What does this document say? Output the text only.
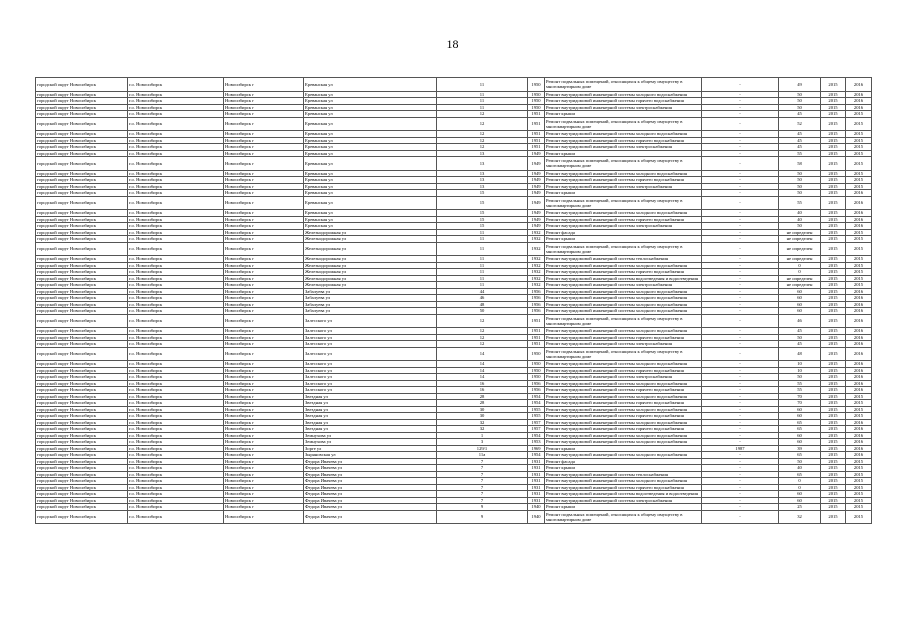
18
городской округ Новосибирск	г.о. Новосибирск	Новосибирск г	Ереванская ул	11	1950	Ремонт подвальных помещений, относящихся к общему имуществу в многоквартирном доме	-	49	2015	2016
городской округ Новосибирск	г.о. Новосибирск	Новосибирск г	Ереванская ул	11	1950	Ремонт внутридомовой инженерной системы холодного водоснабжения	-	50	2015	2016
городской округ Новосибирск	г.о. Новосибирск	Новосибирск г	Ереванская ул	11	1950	Ремонт внутридомовой инженерной системы горячего водоснабжения	-	50	2015	2016
городской округ Новосибирск	г.о. Новосибирск	Новосибирск г	Ереванская ул	11	1950	Ремонт внутридомовой инженерной системы электроснабжения	-	50	2015	2016
городской округ Новосибирск	г.о. Новосибирск	Новосибирск г	Ереванская ул	12	1951	Ремонт крыши	-	45	2015	2015
городской округ Новосибирск	г.о. Новосибирск	Новосибирск г	Ереванская ул	12	1951	Ремонт подвальных помещений, относящихся к общему имуществу в многоквартирном доме	-	52	2015	2015
городской округ Новосибирск	г.о. Новосибирск	Новосибирск г	Ереванская ул	12	1951	Ремонт внутридомовой инженерной системы холодного водоснабжения	-	45	2015	2015
городской округ Новосибирск	г.о. Новосибирск	Новосибирск г	Ереванская ул	12	1951	Ремонт внутридомовой инженерной системы горячего водоснабжения	-	45	2015	2015
городской округ Новосибирск	г.о. Новосибирск	Новосибирск г	Ереванская ул	12	1951	Ремонт внутридомовой инженерной системы электроснабжения	-	45	2015	2015
городской округ Новосибирск	г.о. Новосибирск	Новосибирск г	Ереванская ул	13	1949	Ремонт крыши	-	55	2015	2015
городской округ Новосибирск	г.о. Новосибирск	Новосибирск г	Ереванская ул	13	1949	Ремонт подвальных помещений, относящихся к общему имуществу в многоквартирном доме	-	58	2015	2015
городской округ Новосибирск	г.о. Новосибирск	Новосибирск г	Ереванская ул	13	1949	Ремонт внутридомовой инженерной системы холодного водоснабжения	-	50	2015	2015
городской округ Новосибирск	г.о. Новосибирск	Новосибирск г	Ереванская ул	13	1949	Ремонт внутридомовой инженерной системы горячего водоснабжения	-	50	2015	2015
городской округ Новосибирск	г.о. Новосибирск	Новосибирск г	Ереванская ул	13	1949	Ремонт внутридомовой инженерной системы электроснабжения	-	50	2015	2015
городской округ Новосибирск	г.о. Новосибирск	Новосибирск г	Ереванская ул	15	1949	Ремонт крыши	-	50	2015	2016
городской округ Новосибирск	г.о. Новосибирск	Новосибирск г	Ереванская ул	15	1949	Ремонт подвальных помещений, относящихся к общему имуществу в многоквартирном доме	-	55	2015	2016
городской округ Новосибирск	г.о. Новосибирск	Новосибирск г	Ереванская ул	15	1949	Ремонт внутридомовой инженерной системы холодного водоснабжения	-	40	2015	2016
городской округ Новосибирск	г.о. Новосибирск	Новосибирск г	Ереванская ул	15	1949	Ремонт внутридомовой инженерной системы горячего водоснабжения	-	40	2015	2016
городской округ Новосибирск	г.о. Новосибирск	Новосибирск г	Ереванская ул	15	1949	Ремонт внутридомовой инженерной системы электроснабжения	-	50	2015	2016
городской округ Новосибирск	г.о. Новосибирск	Новосибирск г	Железнодорожная ул	11	1932	Ремонт фасада	-	не определен	2015	2015
городской округ Новосибирск	г.о. Новосибирск	Новосибирск г	Железнодорожная ул	11	1932	Ремонт крыши	-	не определен	2015	2015
городской округ Новосибирск	г.о. Новосибирск	Новосибирск г	Железнодорожная ул	11	1932	Ремонт подвальных помещений, относящихся к общему имуществу в многоквартирном доме	-	не определен	2015	2015
городской округ Новосибирск	г.о. Новосибирск	Новосибирск г	Железнодорожная ул	11	1932	Ремонт внутридомовой инженерной системы теплоснабжения	-	не определен	2015	2015
городской округ Новосибирск	г.о. Новосибирск	Новосибирск г	Железнодорожная ул	11	1932	Ремонт внутридомовой инженерной системы холодного водоснабжения	-	0	2015	2015
городской округ Новосибирск	г.о. Новосибирск	Новосибирск г	Железнодорожная ул	11	1932	Ремонт внутридомовой инженерной системы горячего водоснабжения	-	0	2015	2015
городской округ Новосибирск	г.о. Новосибирск	Новосибирск г	Железнодорожная ул	11	1932	Ремонт внутридомовой инженерной системы водоотведения и водоотведения	-	не определен	2015	2015
городской округ Новосибирск	г.о. Новосибирск	Новосибирск г	Железнодорожная ул	11	1932	Ремонт внутридомовой инженерной системы электроснабжения	-	не определен	2015	2015
городской округ Новосибирск	г.о. Новосибирск	Новосибирск г	Забалуева ул	44	1956	Ремонт внутридомовой инженерной системы холодного водоснабжения	-	60	2015	2016
городской округ Новосибирск	г.о. Новосибирск	Новосибирск г	Забалуева ул	46	1956	Ремонт внутридомовой инженерной системы холодного водоснабжения	-	60	2015	2016
городской округ Новосибирск	г.о. Новосибирск	Новосибирск г	Забалуева ул	48	1956	Ремонт внутридомовой инженерной системы холодного водоснабжения	-	60	2015	2016
городской округ Новосибирск	г.о. Новосибирск	Новосибирск г	Забалуева ул	50	1956	Ремонт внутридомовой инженерной системы холодного водоснабжения	-	60	2015	2016
городской округ Новосибирск	г.о. Новосибирск	Новосибирск г	Залесского ул	12	1951	Ремонт подвальных помещений, относящихся к общему имуществу в многоквартирном доме	-	46	2015	2016
городской округ Новосибирск	г.о. Новосибирск	Новосибирск г	Залесского ул	12	1951	Ремонт внутридомовой инженерной системы холодного водоснабжения	-	45	2015	2016
городской округ Новосибирск	г.о. Новосибирск	Новосибирск г	Залесского ул	12	1951	Ремонт внутридомовой инженерной системы горячего водоснабжения	-	50	2015	2016
городской округ Новосибирск	г.о. Новосибирск	Новосибирск г	Залесского ул	12	1951	Ремонт внутридомовой инженерной системы электроснабжения	-	45	2015	2016
городской округ Новосибирск	г.о. Новосибирск	Новосибирск г	Залесского ул	14	1950	Ремонт подвальных помещений, относящихся к общему имуществу в многоквартирном доме	-	48	2015	2016
городской округ Новосибирск	г.о. Новосибирск	Новосибирск г	Залесского ул	14	1950	Ремонт внутридомовой инженерной системы холодного водоснабжения	-	10	2015	2016
городской округ Новосибирск	г.о. Новосибирск	Новосибирск г	Залесского ул	14	1950	Ремонт внутридомовой инженерной системы горячего водоснабжения	-	10	2015	2016
городской округ Новосибирск	г.о. Новосибирск	Новосибирск г	Залесского ул	14	1950	Ремонт внутридомовой инженерной системы электроснабжения	-	50	2015	2016
городской округ Новосибирск	г.о. Новосибирск	Новосибирск г	Залесского ул	16	1956	Ремонт внутридомовой инженерной системы холодного водоснабжения	-	55	2015	2016
городской округ Новосибирск	г.о. Новосибирск	Новосибирск г	Залесского ул	16	1956	Ремонт внутридомовой инженерной системы горячего водоснабжения	-	55	2015	2016
городской округ Новосибирск	г.о. Новосибирск	Новосибирск г	Звездная ул	28	1954	Ремонт внутридомовой инженерной системы холодного водоснабжения	-	70	2015	2015
городской округ Новосибирск	г.о. Новосибирск	Новосибирск г	Звездная ул	28	1954	Ремонт внутридомовой инженерной системы горячего водоснабжения	-	70	2015	2015
городской округ Новосибирск	г.о. Новосибирск	Новосибирск г	Звездная ул	30	1955	Ремонт внутридомовой инженерной системы холодного водоснабжения	-	60	2015	2015
городской округ Новосибирск	г.о. Новосибирск	Новосибирск г	Звездная ул	30	1955	Ремонт внутридомовой инженерной системы горячего водоснабжения	-	60	2015	2015
городской округ Новосибирск	г.о. Новосибирск	Новосибирск г	Звездная ул	32	1957	Ремонт внутридомовой инженерной системы холодного водоснабжения	-	65	2015	2016
городской округ Новосибирск	г.о. Новосибирск	Новосибирск г	Звездная ул	32	1957	Ремонт внутридомовой инженерной системы горячего водоснабжения	-	65	2015	2016
городской округ Новосибирск	г.о. Новосибирск	Новосибирск г	Земнухова ул	1	1954	Ремонт внутридомовой инженерной системы холодного водоснабжения	-	60	2015	2016
городской округ Новосибирск	г.о. Новосибирск	Новосибирск г	Земнухова ул	3	1953	Ремонт внутридомовой инженерной системы холодного водоснабжения	-	60	2015	2016
городской округ Новосибирск	г.о. Новосибирск	Новосибирск г	Зорге ул	129/1	1969	Ремонт крыши	1987	39	2015	2016
городской округ Новосибирск	г.о. Новосибирск	Новосибирск г	Зыряновская ул	11а	1954	Ремонт внутридомовой инженерной системы холодного водоснабжения	-	65	2015	2016
городской округ Новосибирск	г.о. Новосибирск	Новосибирск г	Федора Ивачева ул	7	1931	Ремонт фасада	-	50	2015	2015
городской округ Новосибирск	г.о. Новосибирск	Новосибирск г	Федора Ивачева ул	7	1931	Ремонт крыши	-	40	2015	2015
городской округ Новосибирск	г.о. Новосибирск	Новосибирск г	Федора Ивачева ул	7	1931	Ремонт внутридомовой инженерной системы теплоснабжения	-	65	2015	2015
городской округ Новосибирск	г.о. Новосибирск	Новосибирск г	Федора Ивачева ул	7	1931	Ремонт внутридомовой инженерной системы холодного водоснабжения	-	0	2015	2015
городской округ Новосибирск	г.о. Новосибирск	Новосибирск г	Федора Ивачева ул	7	1931	Ремонт внутридомовой инженерной системы горячего водоснабжения	-	0	2015	2015
городской округ Новосибирск	г.о. Новосибирск	Новосибирск г	Федора Ивачева ул	7	1931	Ремонт внутридомовой инженерной системы водоотведения и водоотведения	-	60	2015	2015
городской округ Новосибирск	г.о. Новосибирск	Новосибирск г	Федора Ивачева ул	7	1931	Ремонт внутридомовой инженерной системы электроснабжения	-	60	2015	2015
городской округ Новосибирск	г.о. Новосибирск	Новосибирск г	Федора Ивачева ул	9	1940	Ремонт крыши	-	25	2015	2015
городской округ Новосибирск	г.о. Новосибирск	Новосибирск г	Федора Ивачева ул	9	1940	Ремонт подвальных помещений, относящихся к общему имуществу в многоквартирном доме	-	32	2015	2015
